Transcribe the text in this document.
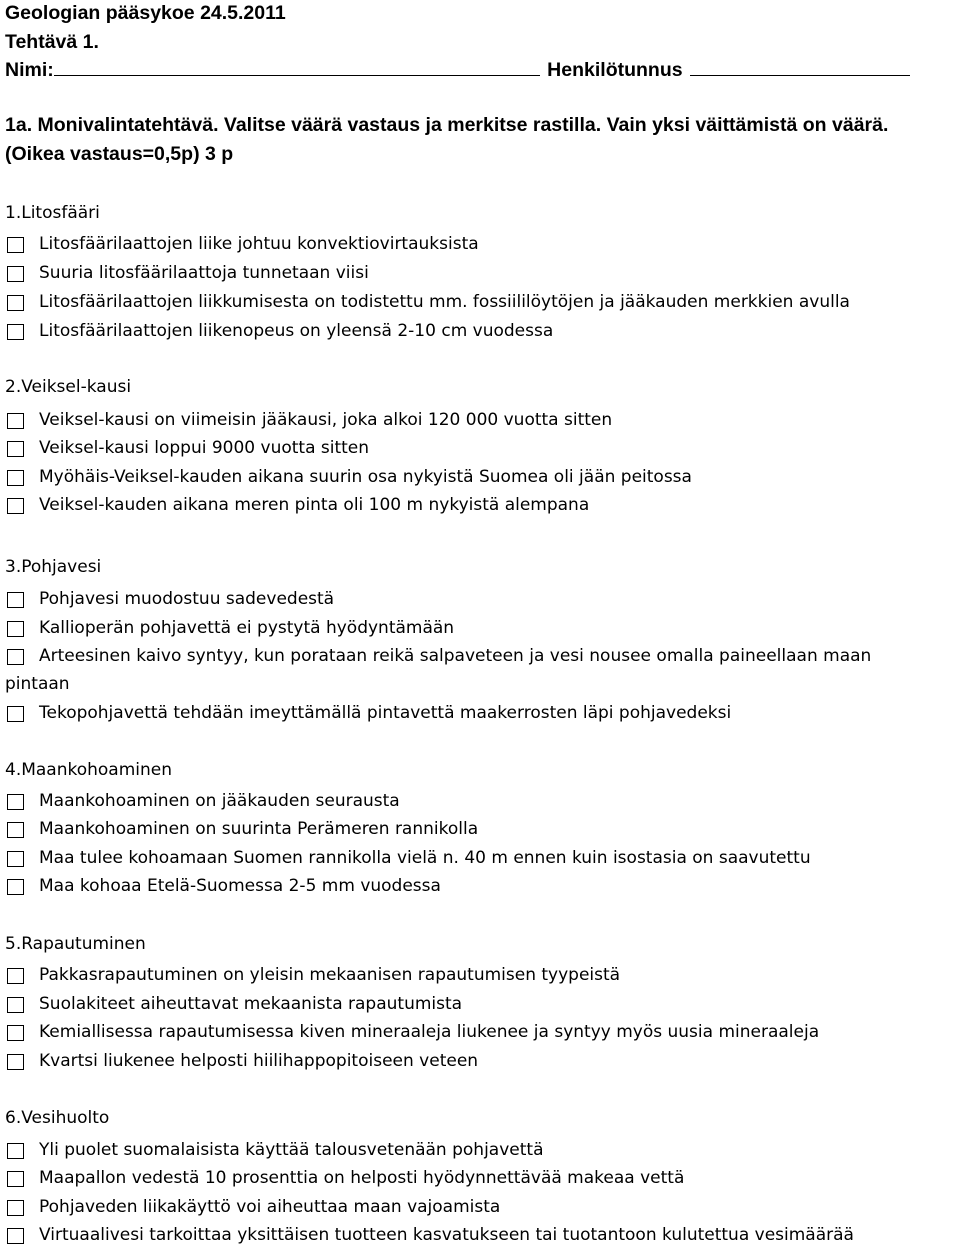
Geologian pääsykoe 24.5.2011
Tehtävä 1.
Nimi:	Henkilötunnus
1a. Monivalintatehtävä. Valitse väärä vastaus ja merkitse rastilla. Vain yksi väittämistä on väärä.
(Oikea vastaus=0,5p) 3 p
1.Litosfääri
Litosfäärilaattojen liike johtuu konvektiovirtauksista
Suuria litosfäärilaattoja tunnetaan viisi
Litosfäärilaattojen liikkumisesta on todistettu mm. fossiililöytöjen ja jääkauden merkkien avulla
Litosfäärilaattojen liikenopeus on yleensä 2-10 cm vuodessa
2.Veiksel-kausi
Veiksel-kausi on viimeisin jääkausi, joka alkoi 120 000 vuotta sitten
Veiksel-kausi loppui 9000 vuotta sitten
Myöhäis-Veiksel-kauden aikana suurin osa nykyistä Suomea oli jään peitossa
Veiksel-kauden aikana meren pinta oli 100 m nykyistä alempana
3.Pohjavesi
Pohjavesi muodostuu sadevedestä
Kallioperän pohjavettä ei pystytä hyödyntämään
Arteesinen kaivo syntyy, kun porataan reikä salpaveteen ja vesi nousee omalla paineellaan maan
pintaan
Tekopohjavettä tehdään imeyttämällä pintavettä maakerrosten läpi pohjavedeksi
4.Maankohoaminen
Maankohoaminen on jääkauden seurausta
Maankohoaminen on suurinta Perämeren rannikolla
Maa tulee kohoamaan Suomen rannikolla vielä n. 40 m ennen kuin isostasia on saavutettu
Maa kohoaa Etelä-Suomessa 2-5 mm vuodessa
5.Rapautuminen
Pakkasrapautuminen on yleisin mekaanisen rapautumisen tyypeistä
Suolakiteet aiheuttavat mekaanista rapautumista
Kemiallisessa rapautumisessa kiven mineraaleja liukenee ja syntyy myös uusia mineraaleja
Kvartsi liukenee helposti hiilihappopitoiseen veteen
6.Vesihuolto
Yli puolet suomalaisista käyttää talousvetenään pohjavettä
Maapallon vedestä 10 prosenttia on helposti hyödynnettävää makeaa vettä
Pohjaveden liikakäyttö voi aiheuttaa maan vajoamista
Virtuaalivesi tarkoittaa yksittäisen tuotteen kasvatukseen tai tuotantoon kulutettua vesimäärää
